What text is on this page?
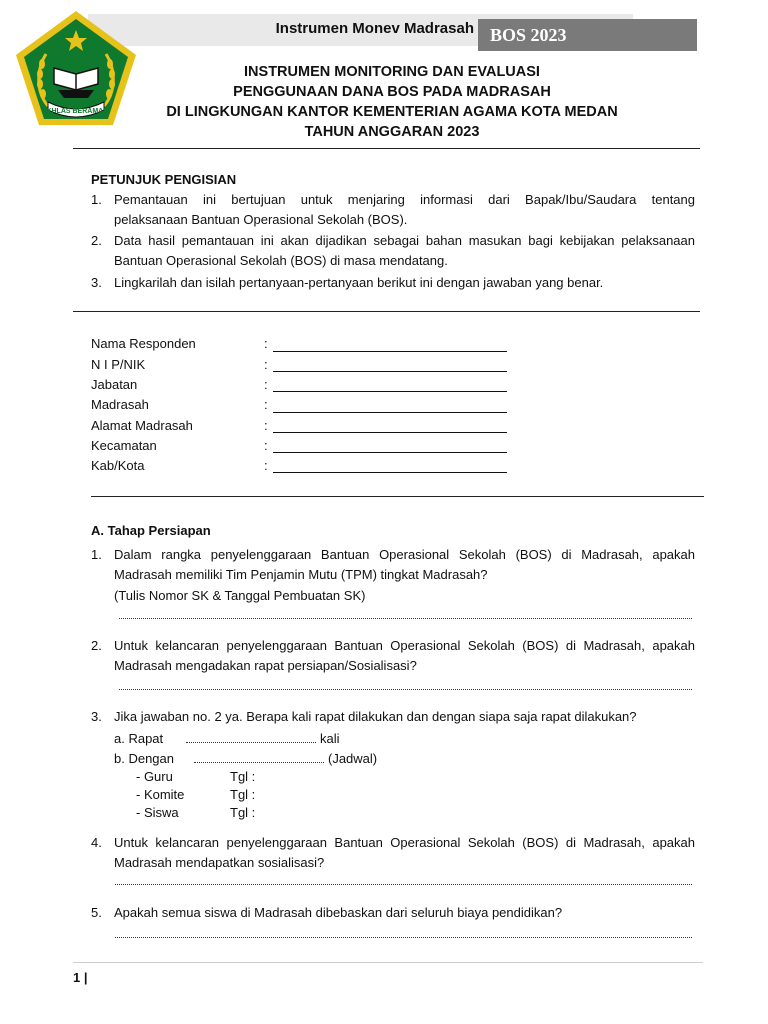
Instrumen Monev Madrasah BOS 2023
IKHLAS BERAMAL
INSTRUMEN MONITORING DAN EVALUASI
PENGGUNAAN DANA BOS PADA MADRASAH
DI LINGKUNGAN KANTOR KEMENTERIAN AGAMA KOTA MEDAN
TAHUN ANGGARAN 2023
PETUNJUK PENGISIAN
1. Pemantauan ini bertujuan untuk menjaring informasi dari Bapak/Ibu/Saudara tentang
pelaksanaan Bantuan Operasional Sekolah (BOS).
2. Data hasil pemantauan ini akan dijadikan sebagai bahan masukan bagi kebijakan pelaksanaan
Bantuan Operasional Sekolah (BOS) di masa mendatang.
3. Lingkarilah dan isilah pertanyaan-pertanyaan berikut ini dengan jawaban yang benar.
Nama Responden	:
N I P/NIK	:
Jabatan	:
Madrasah	:
Alamat Madrasah	:
Kecamatan	:
Kab/Kota	:
A. Tahap Persiapan
1. Dalam rangka penyelenggaraan Bantuan Operasional Sekolah (BOS) di Madrasah, apakah
Madrasah memiliki Tim Penjamin Mutu (TPM) tingkat Madrasah?
(Tulis Nomor SK & Tanggal Pembuatan SK)
2. Untuk kelancaran penyelenggaraan Bantuan Operasional Sekolah (BOS) di Madrasah, apakah
Madrasah mengadakan rapat persiapan/Sosialisasi?
3. Jika jawaban no. 2 ya. Berapa kali rapat dilakukan dan dengan siapa saja rapat dilakukan?
a. Rapat	kali
b. Dengan	(Jadwal)
- Guru	Tgl :
- Komite	Tgl :
- Siswa	Tgl :
4. Untuk kelancaran penyelenggaraan Bantuan Operasional Sekolah (BOS) di Madrasah, apakah
Madrasah mendapatkan sosialisasi?
5. Apakah semua siswa di Madrasah dibebaskan dari seluruh biaya pendidikan?
1 |
